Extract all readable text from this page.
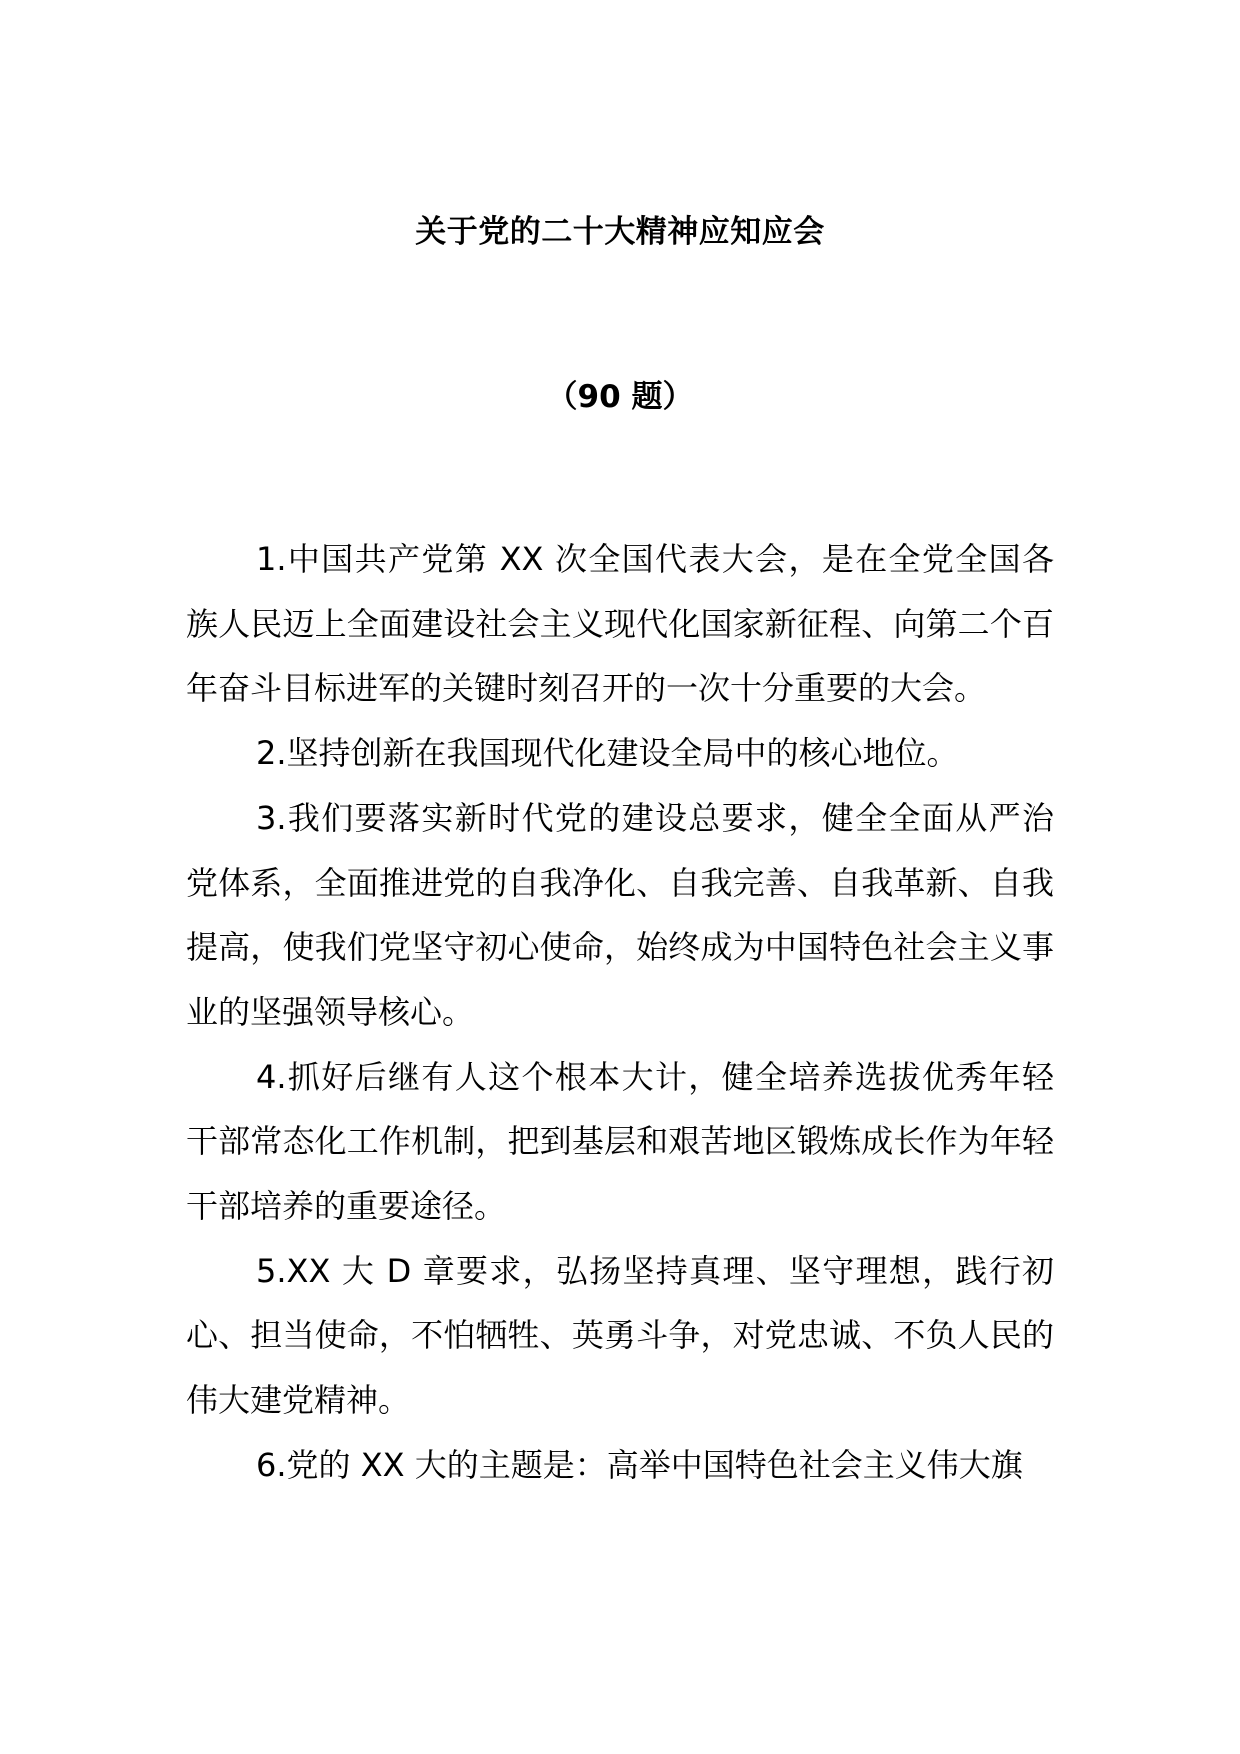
关于党的二十大精神应知应会
（90 题）

1.中国共产党第 XX 次全国代表大会，是在全党全国各族人民迈上全面建设社会主义现代化国家新征程、向第二个百年奋斗目标进军的关键时刻召开的一次十分重要的大会。

2.坚持创新在我国现代化建设全局中的核心地位。

3.我们要落实新时代党的建设总要求，健全全面从严治党体系，全面推进党的自我净化、自我完善、自我革新、自我提高，使我们党坚守初心使命，始终成为中国特色社会主义事业的坚强领导核心。

4.抓好后继有人这个根本大计，健全培养选拔优秀年轻干部常态化工作机制，把到基层和艰苦地区锻炼成长作为年轻干部培养的重要途径。

5.XX 大 D 章要求，弘扬坚持真理、坚守理想，践行初心、担当使命，不怕牺牲、英勇斗争，对党忠诚、不负人民的伟大建党精神。

6.党的 XX 大的主题是：高举中国特色社会主义伟大旗
